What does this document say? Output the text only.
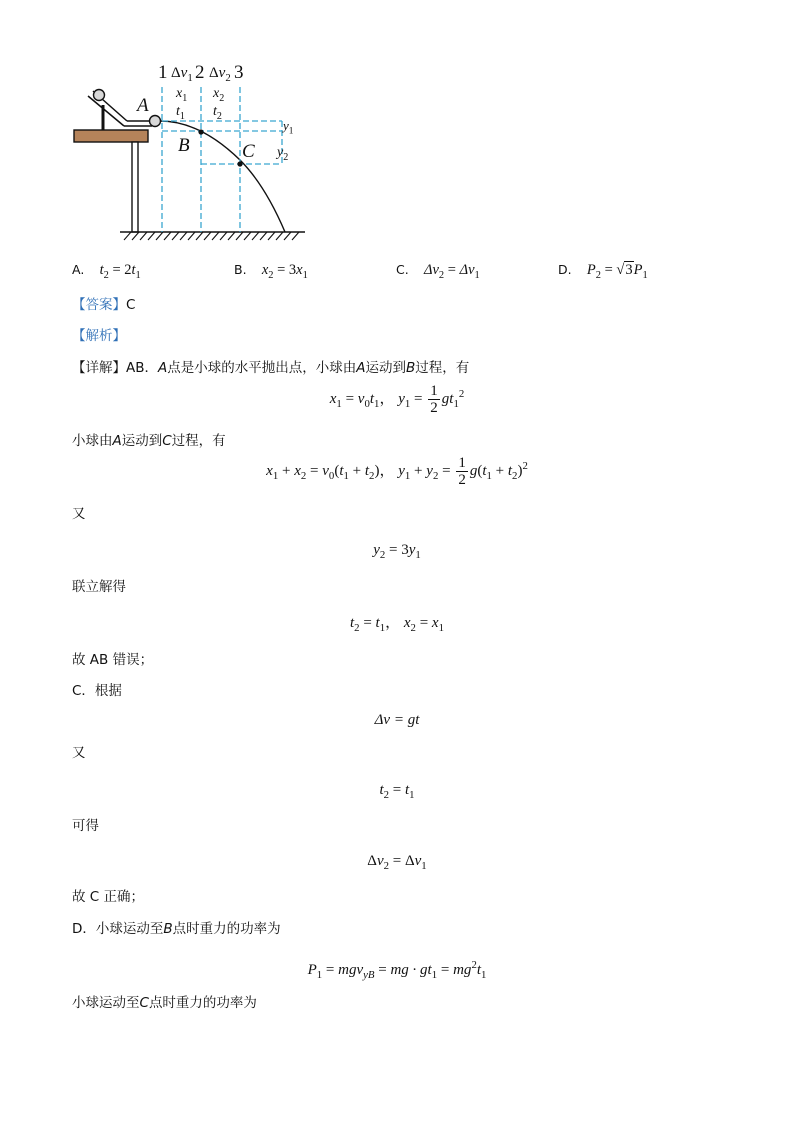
1 $\Delta v_1$ 2 $\Delta v_2$ 3
$x_1$
$t_1$
$x_2$
$t_2$
$y_1$
$y_2$
A
B	C
A. $t_2 = 2t_1$	B. $x_2 = 3x_1$	C. $\Delta v_2 = \Delta v_1$	D. $P_2 = √3P_1$
【答案】C
【解析】
【详解】AB．A点是小球的水平抛出点，小球由A运动到B过程，有
$x_1 = v_0t_1$， $y_1 = \frac{1}{2} gt_1^2$
小球由A运动到C过程，有
$x_1 + x_2 = v_0(t_1 + t_2)$， $y_1 + y_2 = \frac{1}{2} g(t_1 + t_2)^2$
又
$y_2 = 3y_1$
联立解得
$t_2 = t_1$， $x_2 = x_1$
故 AB 错误；
C．根据
Δv = gt
又
$t_2 = t_1$
可得
$\Delta v_2 = \Delta v_1$
故 C 正确；
D．小球运动至B点时重力的功率为
$P_1 = mgv_{yB}$ = mg · $gt_1 = mg^2t_1$
小球运动至C点时重力的功率为
